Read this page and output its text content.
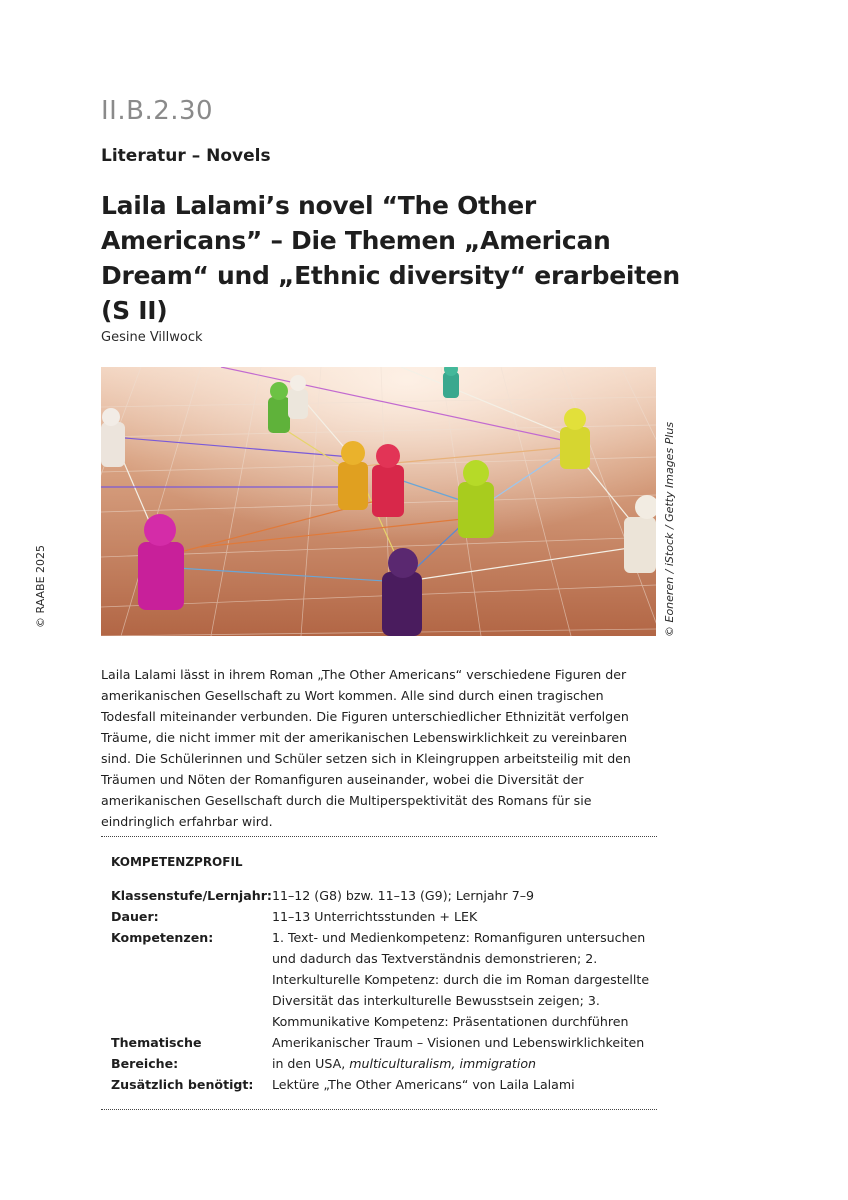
II.B.2.30
Literatur – Novels
Laila Lalami’s novel “The Other Americans” – Die Themen „American Dream“ und „Ethnic diversity“ erarbeiten (S II)
Gesine Villwock
© RAABE 2025	© Eoneren / iStock / Getty Images Plus

Laila Lalami lässt in ihrem Roman „The Other Americans“ verschiedene Figuren der amerikanischen Gesellschaft zu Wort kommen. Alle sind durch einen tragischen Todesfall miteinander verbunden. Die Figuren unterschiedlicher Ethnizität verfolgen Träume, die nicht immer mit der amerikanischen Lebenswirklichkeit zu vereinbaren sind. Die Schülerinnen und Schüler setzen sich in Kleingruppen arbeitsteilig mit den Träumen und Nöten der Romanfiguren auseinander, wobei die Diversität der amerikanischen Gesellschaft durch die Multiperspektivität des Romans für sie eindringlich erfahrbar wird.

KOMPETENZPROFIL
Klassenstufe/Lernjahr:	11–12 (G8) bzw. 11–13 (G9); Lernjahr 7–9
Dauer:	11–13 Unterrichtsstunden + LEK
Kompetenzen:	1. Text- und Medienkompetenz: Romanfiguren untersuchen und dadurch das Textverständnis demonstrieren; 2. Interkulturelle Kompetenz: durch die im Roman dargestellte Diversität das interkulturelle Bewusstsein zeigen; 3. Kommunikative Kompetenz: Präsentationen durchführen
Thematische Bereiche:	Amerikanischer Traum – Visionen und Lebenswirklichkeiten in den USA, multiculturalism, immigration
Zusätzlich benötigt:	Lektüre „The Other Americans“ von Laila Lalami
